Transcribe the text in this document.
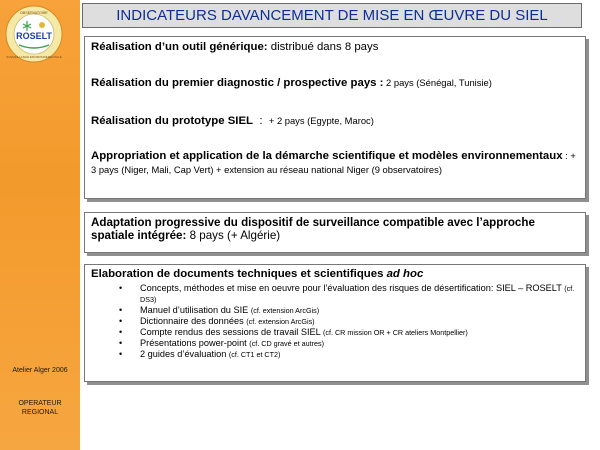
ROSELT
OBSERVATOIRE
SURVEILLANCE ENVIRONNEMENTALE
Atelier Alger 2006
OPERATEUR
REGIONAL
INDICATEURS DAVANCEMENT DE MISE EN ŒUVRE DU SIEL
Réalisation d’un outil générique: distribué dans 8 pays
Réalisation du premier diagnostic / prospective pays : 2 pays (Sénégal, Tunisie)
Réalisation du prototype SIEL  :  + 2 pays (Egypte, Maroc)
Appropriation et application de la démarche scientifique et modèles environnementaux : + 3 pays (Niger, Mali, Cap Vert) + extension au réseau national Niger (9 observatoires)
Adaptation progressive du dispositif de surveillance compatible avec l’approche spatiale intégrée: 8 pays (+ Algérie)
Elaboration de documents techniques et scientifiques ad hoc
• Concepts, méthodes et mise en oeuvre pour l’évaluation des risques de désertification: SIEL – ROSELT (cf. DS3)
• Manuel d’utilisation du SIE (cf. extension ArcGis)
• Dictionnaire des données (cf. extension ArcGis)
• Compte rendus des sessions de travail SIEL (cf. CR mission OR + CR ateliers Montpellier)
• Présentations power-point (cf. CD gravé et autres)
• 2 guides d’évaluation (cf. CT1 et CT2)
